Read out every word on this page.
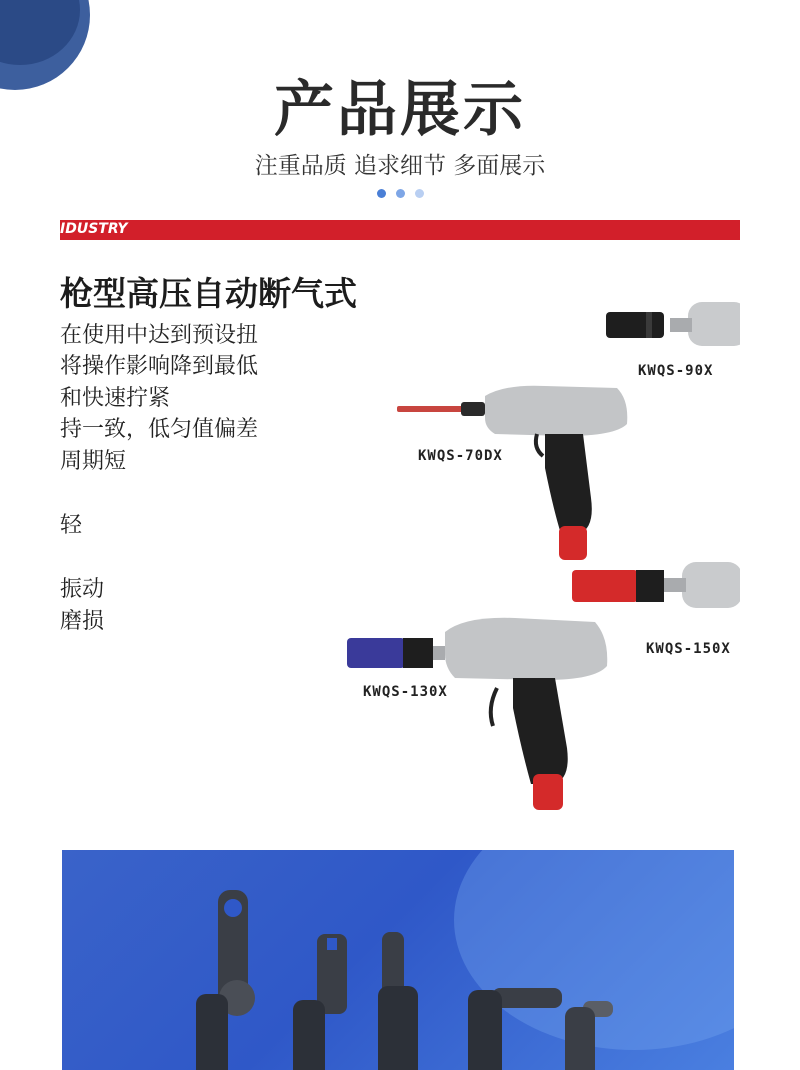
产品展示
注重品质 追求细节 多面展示
IDUSTRY
枪型高压自动断气式
在使用中达到预设扭
将操作影响降到最低
和快速拧紧
持一致，低匀值偏差
周期短
轻
振动
磨损
KWQS-90X
KWQS-70DX
KWQS-150X
KWQS-130X
